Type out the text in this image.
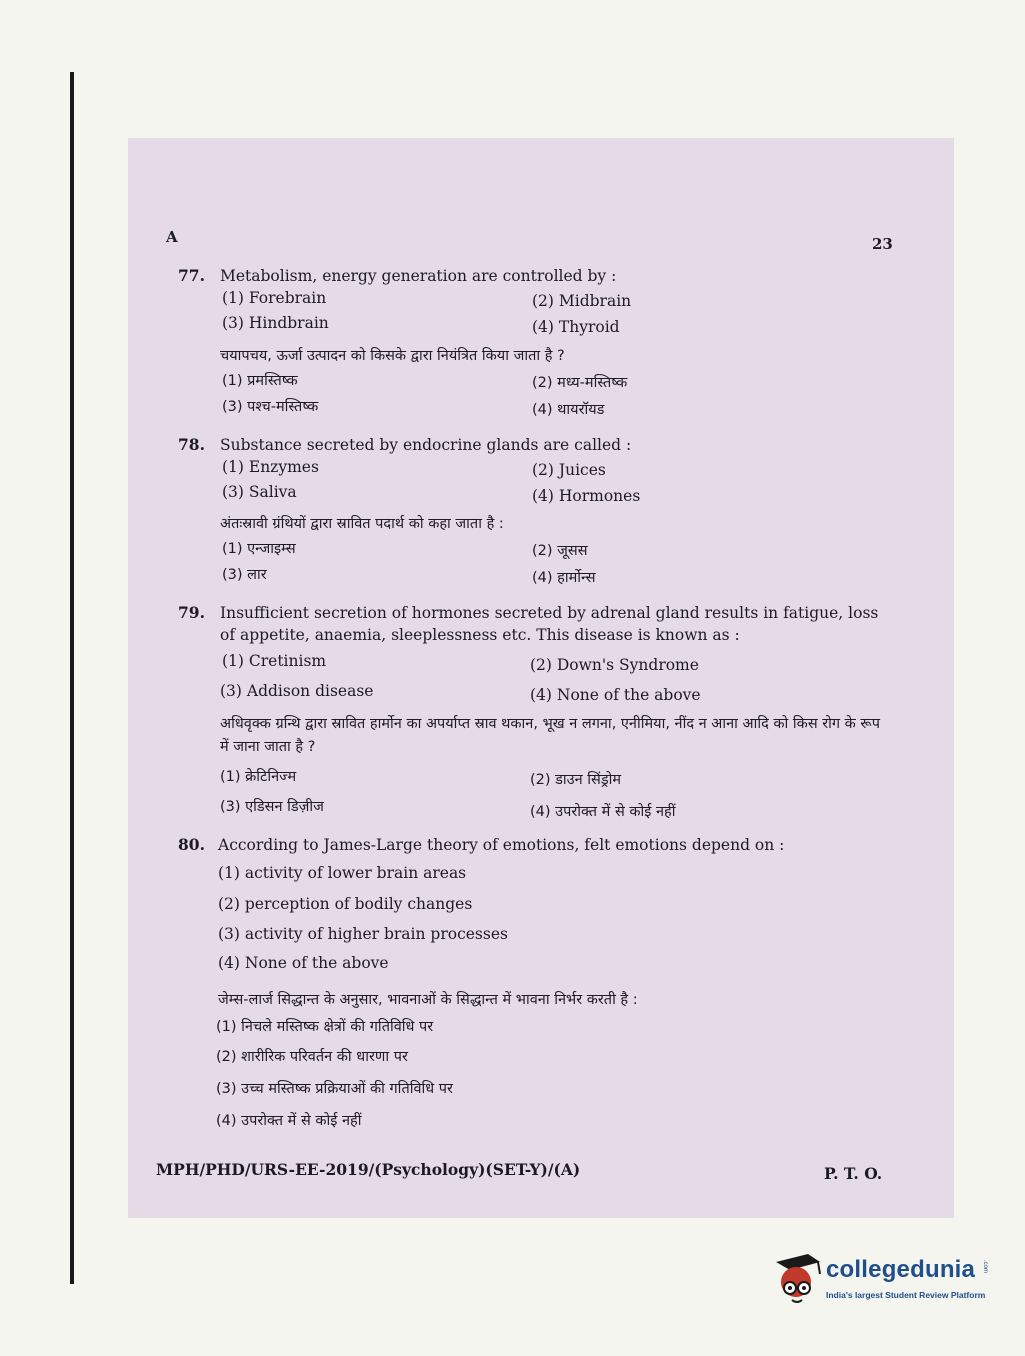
A	23
77. Metabolism, energy generation are controlled by :
(1) Forebrain	(2) Midbrain
(3) Hindbrain	(4) Thyroid
चयापचय, ऊर्जा उत्पादन को किसके द्वारा नियंत्रित किया जाता है ?
(1) प्रमस्तिष्क	(2) मध्य-मस्तिष्क
(3) पश्च-मस्तिष्क	(4) थायरॉयड
78. Substance secreted by endocrine glands are called :
(1) Enzymes	(2) Juices
(3) Saliva	(4) Hormones
अंतःस्रावी ग्रंथियों द्वारा स्रावित पदार्थ को कहा जाता है :
(1) एन्जाइम्स	(2) जूसस
(3) लार	(4) हार्मोन्स
79. Insufficient secretion of hormones secreted by adrenal gland results in fatigue, loss of appetite, anaemia, sleeplessness etc. This disease is known as :
(1) Cretinism	(2) Down's Syndrome
(3) Addison disease	(4) None of the above
अधिवृक्क ग्रन्थि द्वारा स्रावित हार्मोन का अपर्याप्त स्राव थकान, भूख न लगना, एनीमिया, नींद न आना आदि को किस रोग के रूप में जाना जाता है ?
(1) क्रेटिनिज्म	(2) डाउन सिंड्रोम
(3) एडिसन डिज़ीज	(4) उपरोक्त में से कोई नहीं
80. According to James-Large theory of emotions, felt emotions depend on :
(1) activity of lower brain areas
(2) perception of bodily changes
(3) activity of higher brain processes
(4) None of the above
जेम्स-लार्ज सिद्धान्त के अनुसार, भावनाओं के सिद्धान्त में भावना निर्भर करती है :
(1) निचले मस्तिष्क क्षेत्रों की गतिविधि पर
(2) शारीरिक परिवर्तन की धारणा पर
(3) उच्च मस्तिष्क प्रक्रियाओं की गतिविधि पर
(4) उपरोक्त में से कोई नहीं
MPH/PHD/URS-EE-2019/(Psychology)(SET-Y)/(A)	P. T. O.
collegedunia .com
India's largest Student Review Platform
